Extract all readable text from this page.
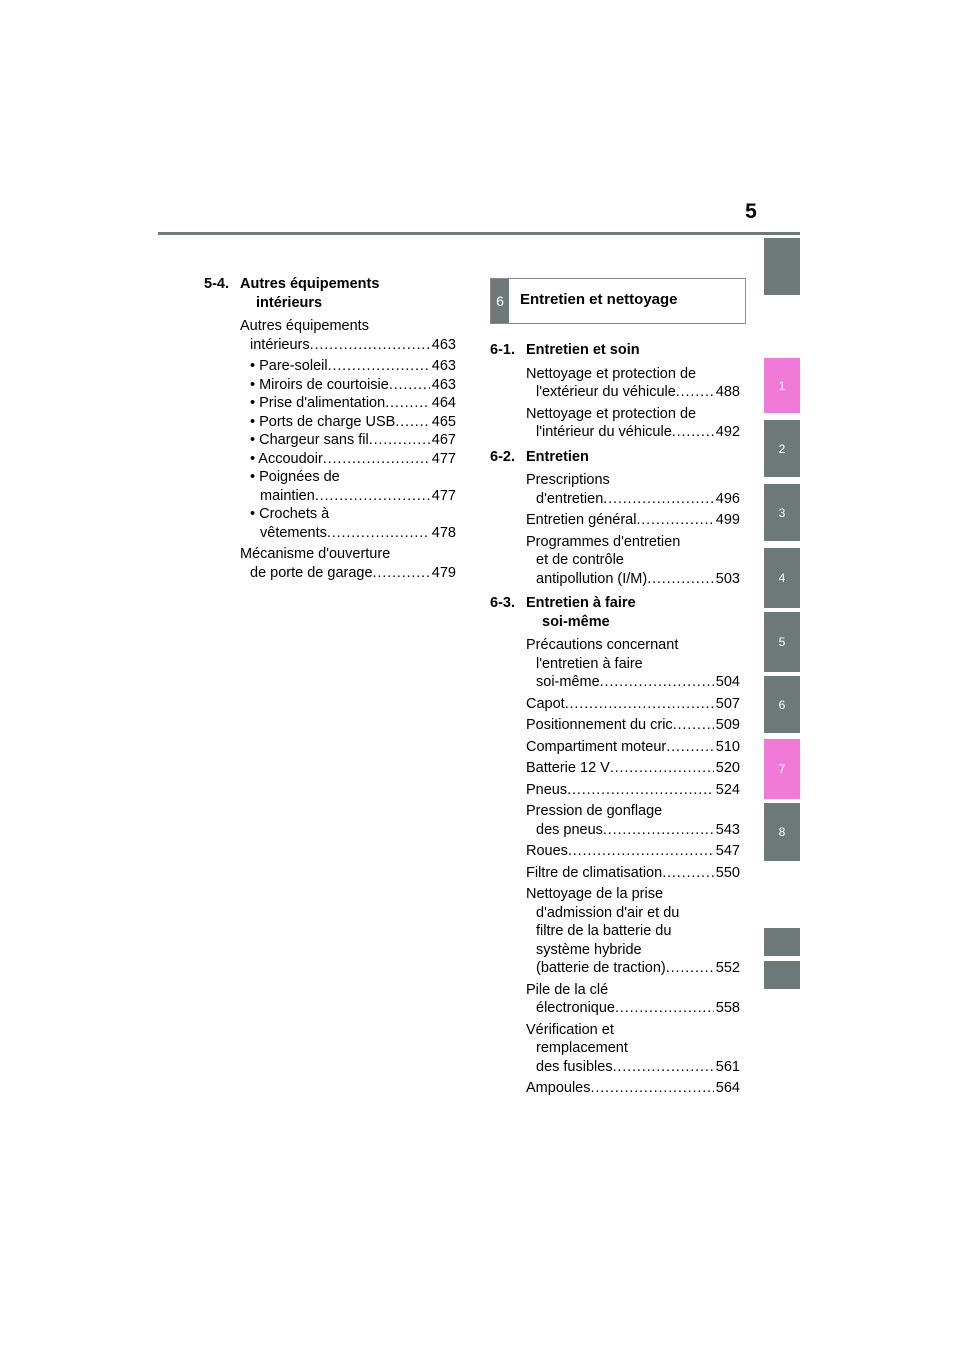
5
1
2
3
4
5
6
7
8
5-4. Autres équipements
intérieurs
Autres équipements
intérieurs . . .	463
• Pare-soleil . . .	463
• Miroirs de courtoisie . . .	463
• Prise d'alimentation . . .	464
• Ports de charge USB . . .	465
• Chargeur sans fil . . .	467
• Accoudoir . . .	477
• Poignées de
maintien . . .	477
• Crochets à
vêtements . . .	478
Mécanisme d'ouverture
de porte de garage . . .	479
6	Entretien et nettoyage
6-1. Entretien et soin
Nettoyage et protection de
l'extérieur du véhicule . . .	488
Nettoyage et protection de
l'intérieur du véhicule . . .	492
6-2. Entretien
Prescriptions
d'entretien . . .	496
Entretien général . . .	499
Programmes d'entretien
et de contrôle
antipollution (I/M) . . .	503
6-3. Entretien à faire
soi-même
Précautions concernant
l'entretien à faire
soi-même . . .	504
Capot . . .	507
Positionnement du cric . . .	509
Compartiment moteur . . .	510
Batterie 12 V . . .	520
Pneus . . .	524
Pression de gonflage
des pneus . . .	543
Roues . . .	547
Filtre de climatisation . . .	550
Nettoyage de la prise
d'admission d'air et du
filtre de la batterie du
système hybride
(batterie de traction) . . .	552
Pile de la clé
électronique . . .	558
Vérification et
remplacement
des fusibles . . .	561
Ampoules . . .	564
